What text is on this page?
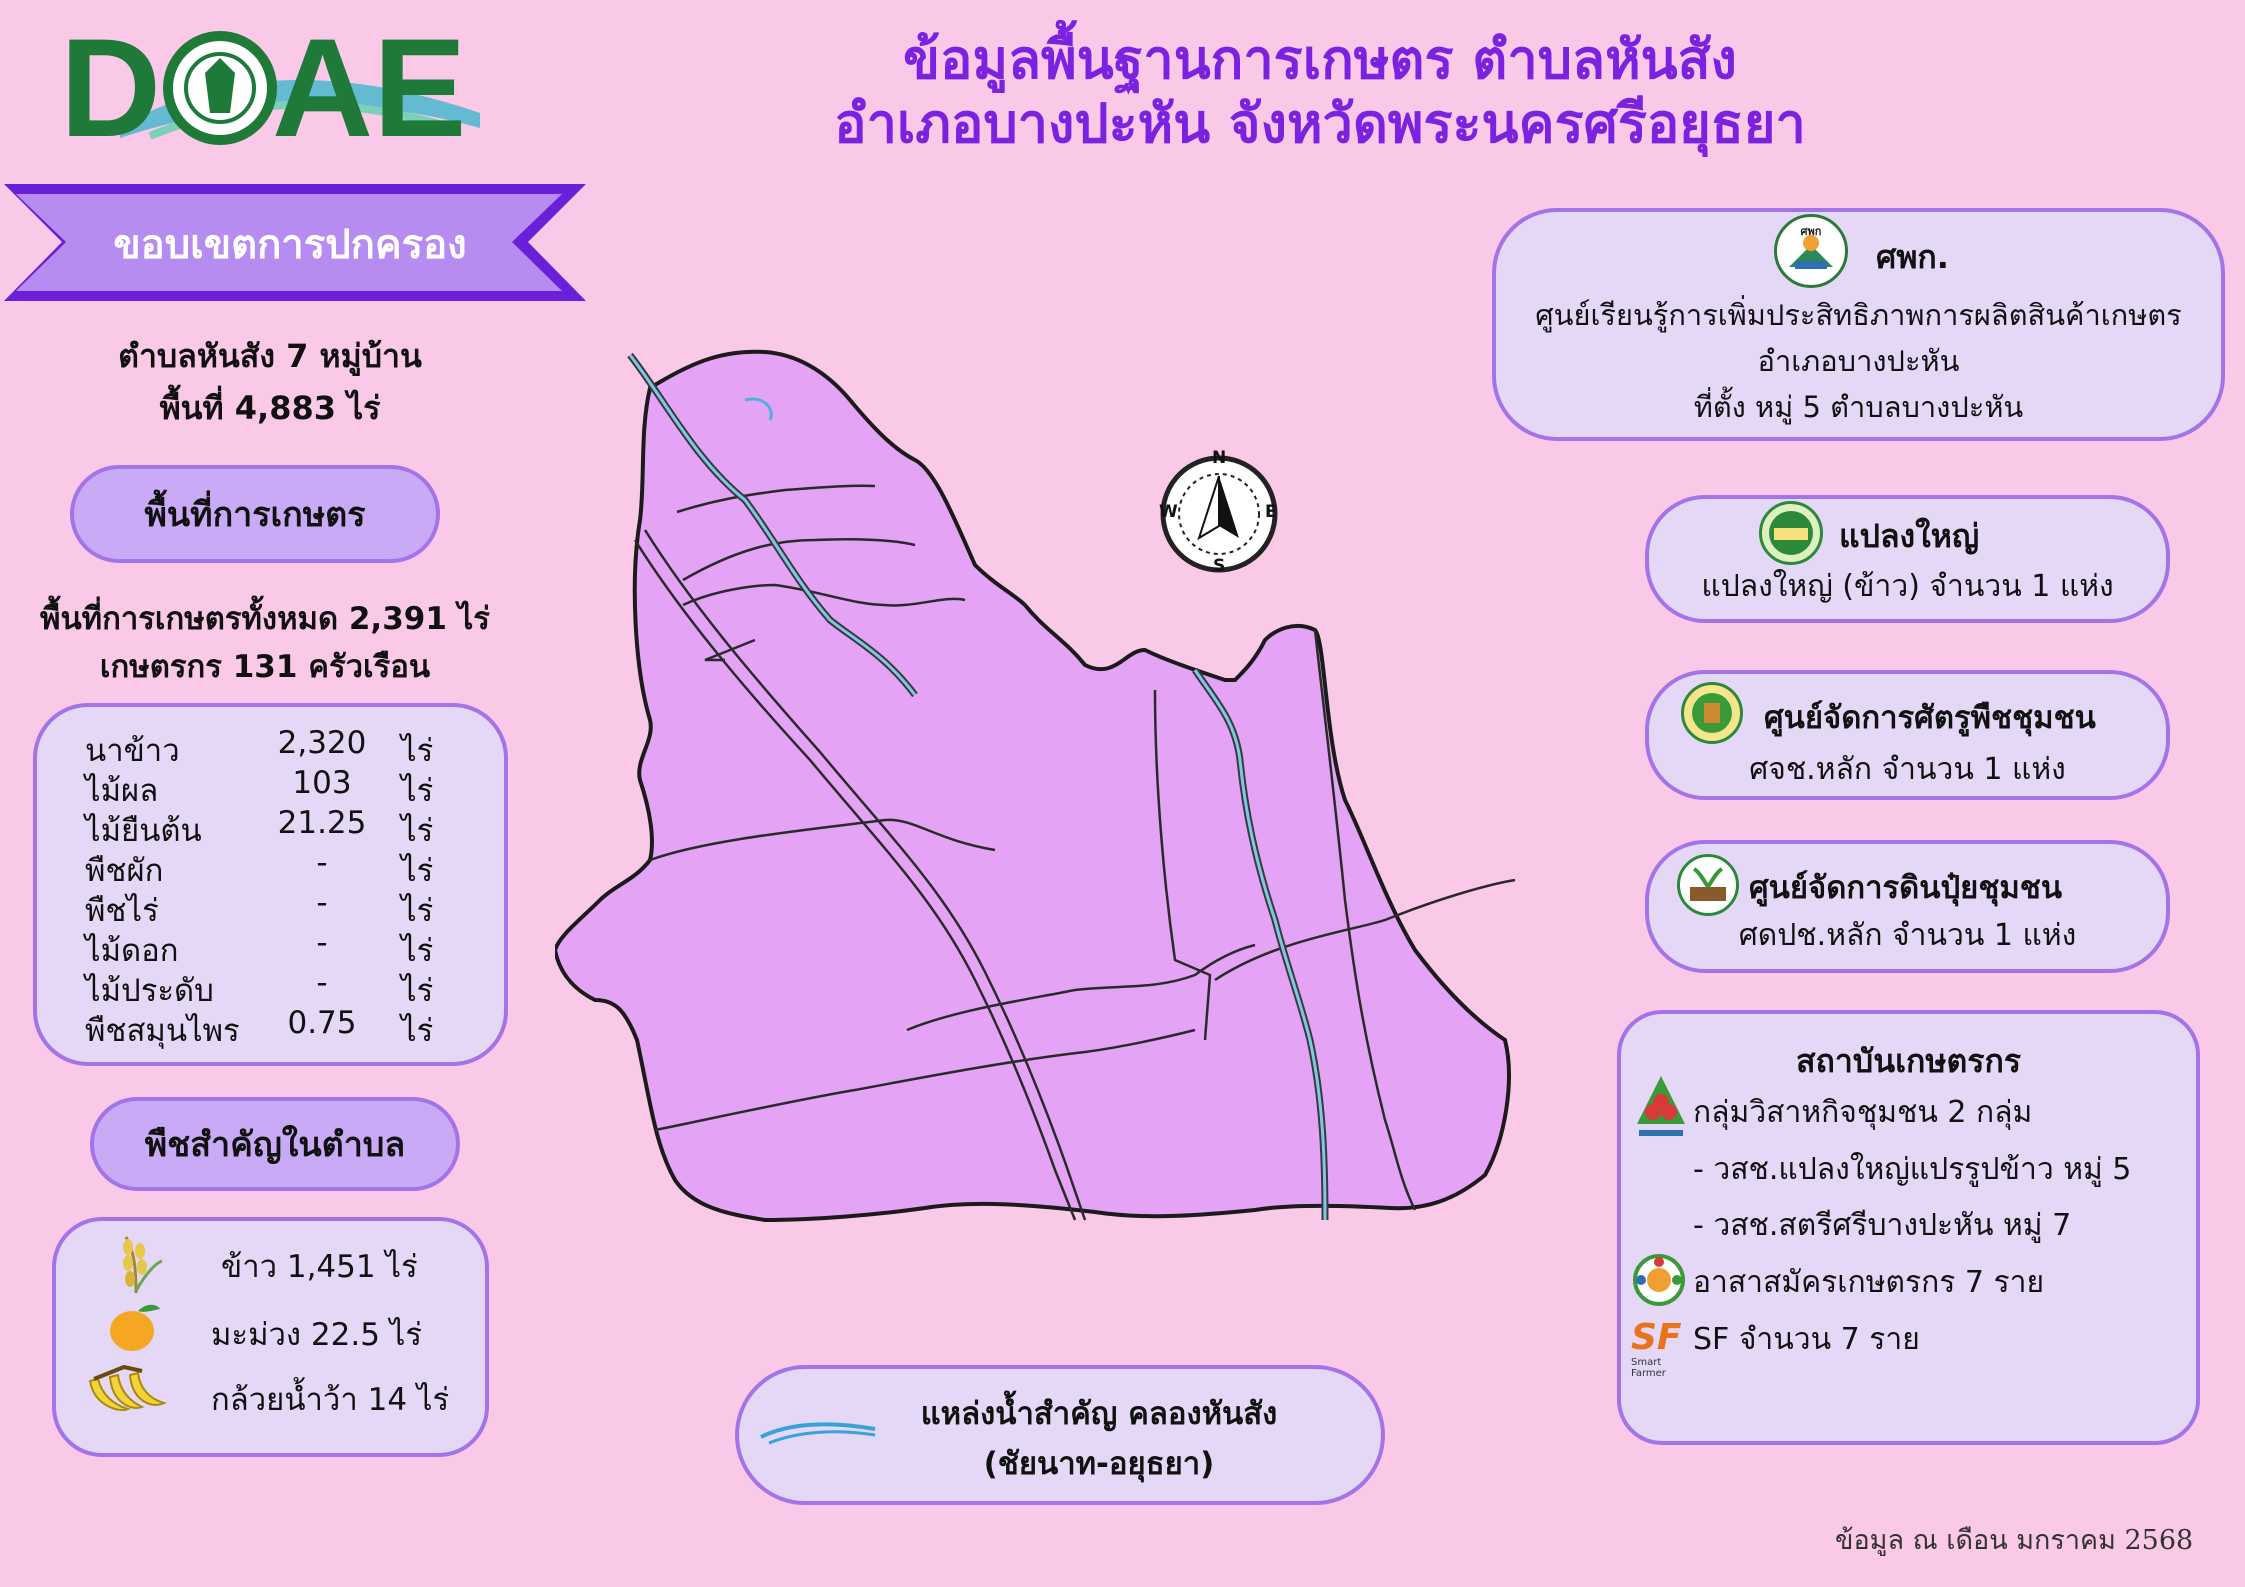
D AE	ข้อมูลพื้นฐานการเกษตร ตำบลหันสัง
อำเภอบางปะหัน จังหวัดพระนครศรีอยุธยา
ขอบเขตการปกครอง
ตำบลหันสัง 7 หมู่บ้าน
พื้นที่ 4,883 ไร่
พื้นที่การเกษตร
พื้นที่การเกษตรทั้งหมด 2,391 ไร่
เกษตรกร 131 ครัวเรือน
นาข้าว	2,320	ไร่
ไม้ผล	103	ไร่
ไม้ยืนต้น	21.25	ไร่
พืชผัก	-	ไร่
พืชไร่	-	ไร่
ไม้ดอก	-	ไร่
ไม้ประดับ	-	ไร่
พืชสมุนไพร	0.75	ไร่
พืชสำคัญในตำบล
ข้าว 1,451 ไร่
มะม่วง 22.5 ไร่
กล้วยน้ำว้า 14 ไร่
N
S
E
W
แหล่งน้ำสำคัญ คลองหันสัง
(ชัยนาท-อยุธยา)
ศพก
ศพก.
ศูนย์เรียนรู้การเพิ่มประสิทธิภาพการผลิตสินค้าเกษตร
อำเภอบางปะหัน
ที่ตั้ง หมู่ 5 ตำบลบางปะหัน
แปลงใหญ่
แปลงใหญ่ (ข้าว) จำนวน 1 แห่ง
ศูนย์จัดการศัตรูพืชชุมชน
ศจช.หลัก จำนวน 1 แห่ง
ศูนย์จัดการดินปุ๋ยชุมชน
ศดปช.หลัก จำนวน 1 แห่ง
สถาบันเกษตรกร
SF
Smart Farmer
กลุ่มวิสาหกิจชุมชน 2 กลุ่ม
- วสช.แปลงใหญ่แปรรูปข้าว หมู่ 5
- วสช.สตรีศรีบางปะหัน หมู่ 7
อาสาสมัครเกษตรกร 7 ราย
SF จำนวน 7 ราย
ข้อมูล ณ เดือน มกราคม 2568
